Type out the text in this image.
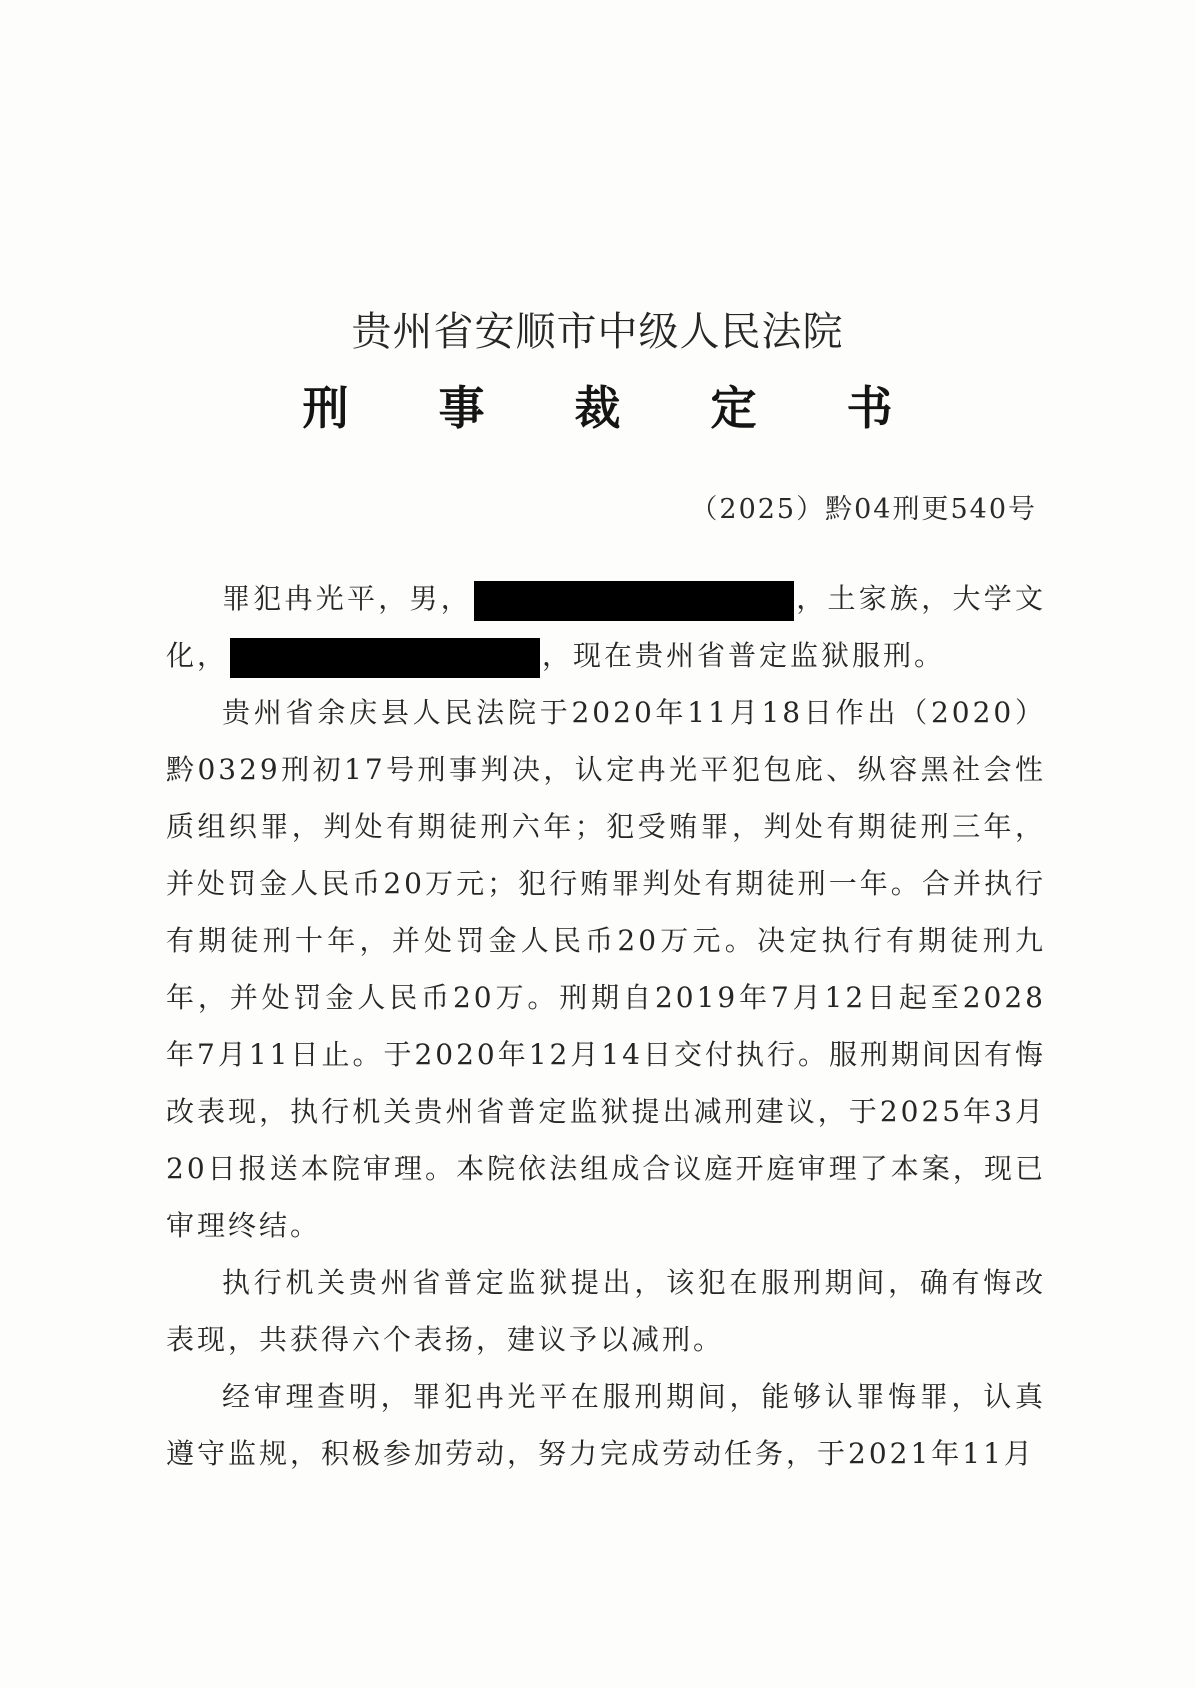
贵州省安顺市中级人民法院
刑事裁定书
（2025）黔04刑更540号

罪犯冉光平，男，	，土家族，大学文化，	，现在贵州省普定监狱服刑。

贵州省余庆县人民法院于2020年11月18日作出（2020）黔0329刑初17号刑事判决，认定冉光平犯包庇、纵容黑社会性质组织罪，判处有期徒刑六年；犯受贿罪，判处有期徒刑三年，并处罚金人民币20万元；犯行贿罪判处有期徒刑一年。合并执行有期徒刑十年，并处罚金人民币20万元。决定执行有期徒刑九年，并处罚金人民币20万。刑期自2019年7月12日起至2028年7月11日止。于2020年12月14日交付执行。服刑期间因有悔改表现，执行机关贵州省普定监狱提出减刑建议，于2025年3月20日报送本院审理。本院依法组成合议庭开庭审理了本案，现已审理终结。

执行机关贵州省普定监狱提出，该犯在服刑期间，确有悔改表现，共获得六个表扬，建议予以减刑。

经审理查明，罪犯冉光平在服刑期间，能够认罪悔罪，认真遵守监规，积极参加劳动，努力完成劳动任务，于2021年11月
